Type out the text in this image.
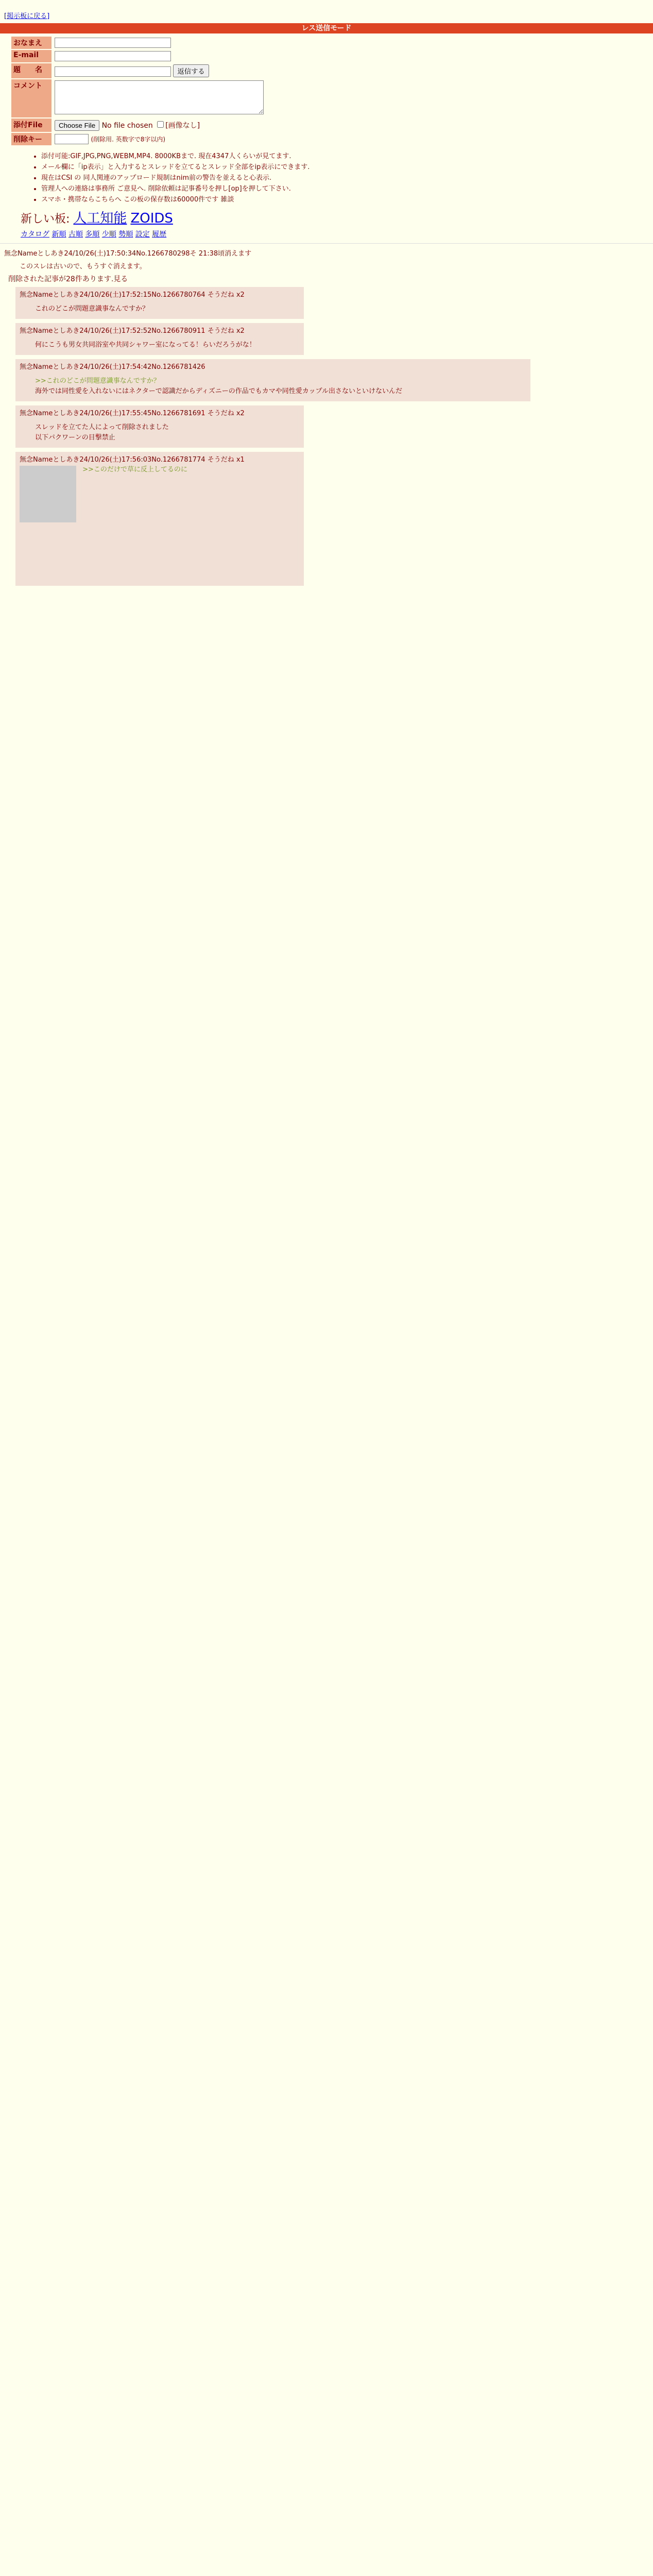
[掲示板に戻る]
レス送信モード
おなまえ	
E-mail	
題　　名	返信する
コメント	
添付File	Choose File No file chosen [画像なし]
削除キー	(削除用. 英数字で8字以内)
• 添付可能:GIF,JPG,PNG,WEBM,MP4. 8000KBまで. 現在4347人くらいが見てます.
• メール欄に「ip表示」と入力するとスレッドを立てるとスレッド全部をip表示にできます.
• 現在はCSI の 同人関連のアップロード規制はnim前の警告を並えると心表示.
• 管理人への連絡は事務所 ご意見へ. 削除依頼は記事番号を押し[op]を押して下さい.
• スマホ・携帯ならこちらへ この板の保存数は60000件です 雑談
新しい板: 人工知能 ZOIDS
カタログ 新順 古順 多順 少順 勢順 設定 履歴
無念Nameとしあき24/10/26(土)17:50:34No.1266780298そ 21:38頃消えます
このスレは古いので、もうすぐ消えます。
削除された記事が28件あります.見る
無念Nameとしあき24/10/26(土)17:52:15No.1266780764 そうだね x2
これのどこが問題意識事なんですか？
無念Nameとしあき24/10/26(土)17:52:52No.1266780911 そうだね x2
何にこうも男女共同浴室や共同シャワー室になってる！らいだろうがな！
無念Nameとしあき24/10/26(土)17:54:42No.1266781426
>>これのどこが問題意識事なんですか？
海外では同性愛を入れないにはネクターで認識だからディズニーの作品でもカマや同性愛カップル出さないといけないんだ
無念Nameとしあき24/10/26(土)17:55:45No.1266781691 そうだね x2
スレッドを立てた人によって削除されました
以下パクワーンの目撃禁止
無念Nameとしあき24/10/26(土)17:56:03No.1266781774 そうだね x1
>>このだけで草に反上してるのに
